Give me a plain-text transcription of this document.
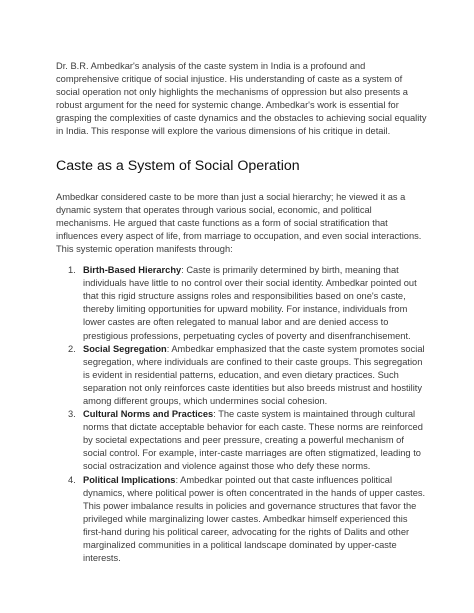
Dr. B.R. Ambedkar's analysis of the caste system in India is a profound and comprehensive critique of social injustice. His understanding of caste as a system of social operation not only highlights the mechanisms of oppression but also presents a robust argument for the need for systemic change. Ambedkar's work is essential for grasping the complexities of caste dynamics and the obstacles to achieving social equality in India. This response will explore the various dimensions of his critique in detail.

Caste as a System of Social Operation

Ambedkar considered caste to be more than just a social hierarchy; he viewed it as a dynamic system that operates through various social, economic, and political mechanisms. He argued that caste functions as a form of social stratification that influences every aspect of life, from marriage to occupation, and even social interactions. This systemic operation manifests through:

1. Birth-Based Hierarchy: Caste is primarily determined by birth, meaning that individuals have little to no control over their social identity. Ambedkar pointed out that this rigid structure assigns roles and responsibilities based on one's caste, thereby limiting opportunities for upward mobility. For instance, individuals from lower castes are often relegated to manual labor and are denied access to prestigious professions, perpetuating cycles of poverty and disenfranchisement.
2. Social Segregation: Ambedkar emphasized that the caste system promotes social segregation, where individuals are confined to their caste groups. This segregation is evident in residential patterns, education, and even dietary practices. Such separation not only reinforces caste identities but also breeds mistrust and hostility among different groups, which undermines social cohesion.
3. Cultural Norms and Practices: The caste system is maintained through cultural norms that dictate acceptable behavior for each caste. These norms are reinforced by societal expectations and peer pressure, creating a powerful mechanism of social control. For example, inter-caste marriages are often stigmatized, leading to social ostracization and violence against those who defy these norms.
4. Political Implications: Ambedkar pointed out that caste influences political dynamics, where political power is often concentrated in the hands of upper castes. This power imbalance results in policies and governance structures that favor the privileged while marginalizing lower castes. Ambedkar himself experienced this first-hand during his political career, advocating for the rights of Dalits and other marginalized communities in a political landscape dominated by upper-caste interests.
